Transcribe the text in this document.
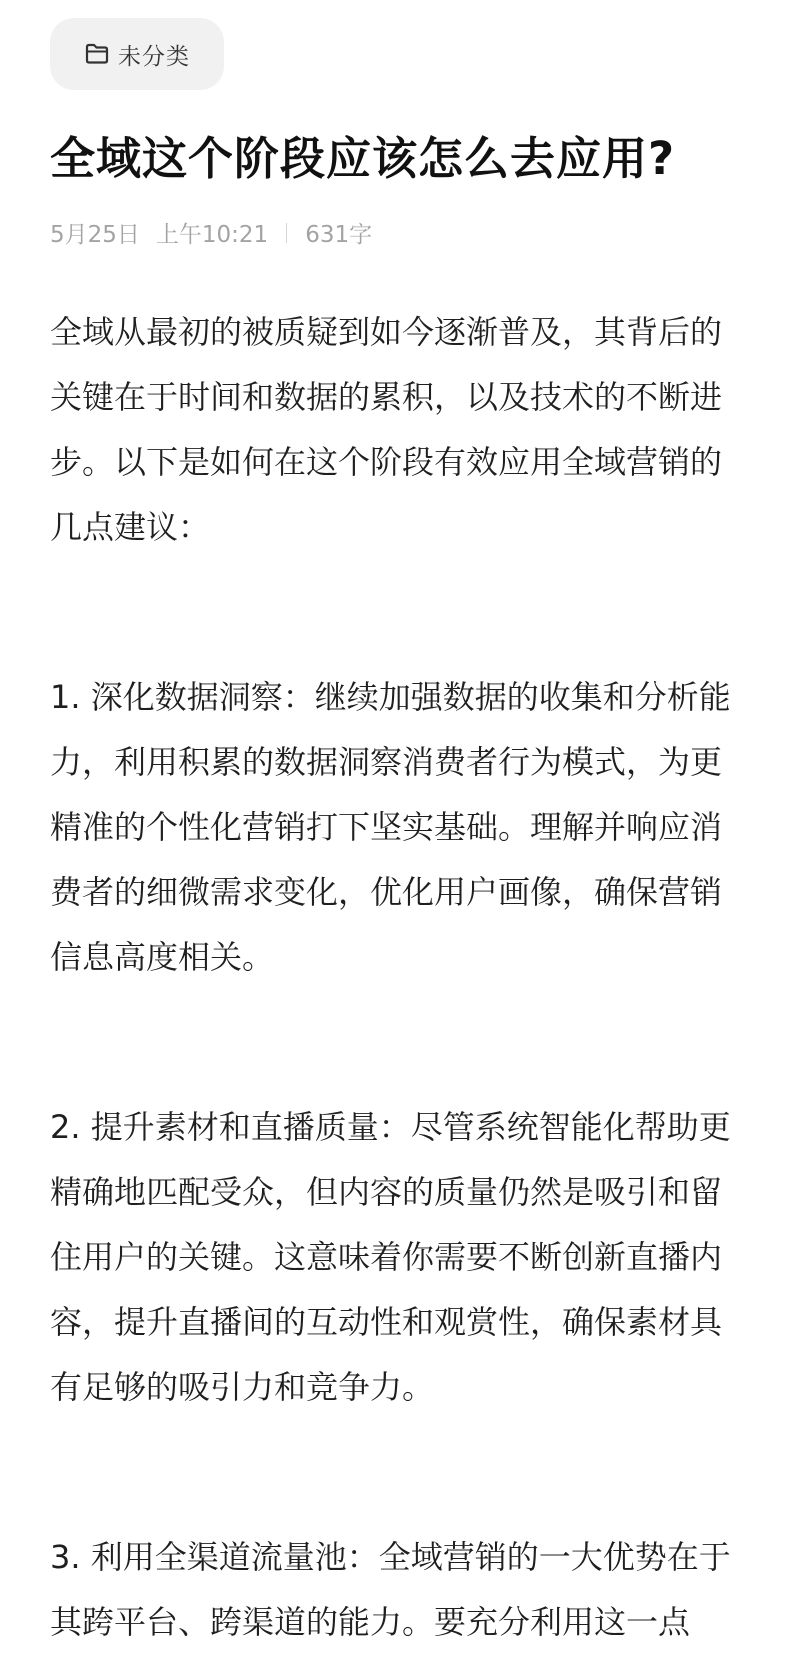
未分类
全域这个阶段应该怎么去应用?
5月25日 上午10:21 631字

全域从最初的被质疑到如今逐渐普及，其背后的关键在于时间和数据的累积，以及技术的不断进步。以下是如何在这个阶段有效应用全域营销的几点建议：

1. 深化数据洞察：继续加强数据的收集和分析能力，利用积累的数据洞察消费者行为模式，为更精准的个性化营销打下坚实基础。理解并响应消费者的细微需求变化，优化用户画像，确保营销信息高度相关。

2. 提升素材和直播质量：尽管系统智能化帮助更精确地匹配受众，但内容的质量仍然是吸引和留住用户的关键。这意味着你需要不断创新直播内容，提升直播间的互动性和观赏性，确保素材具有足够的吸引力和竞争力。

3. 利用全渠道流量池：全域营销的一大优势在于其跨平台、跨渠道的能力。要充分利用这一点
